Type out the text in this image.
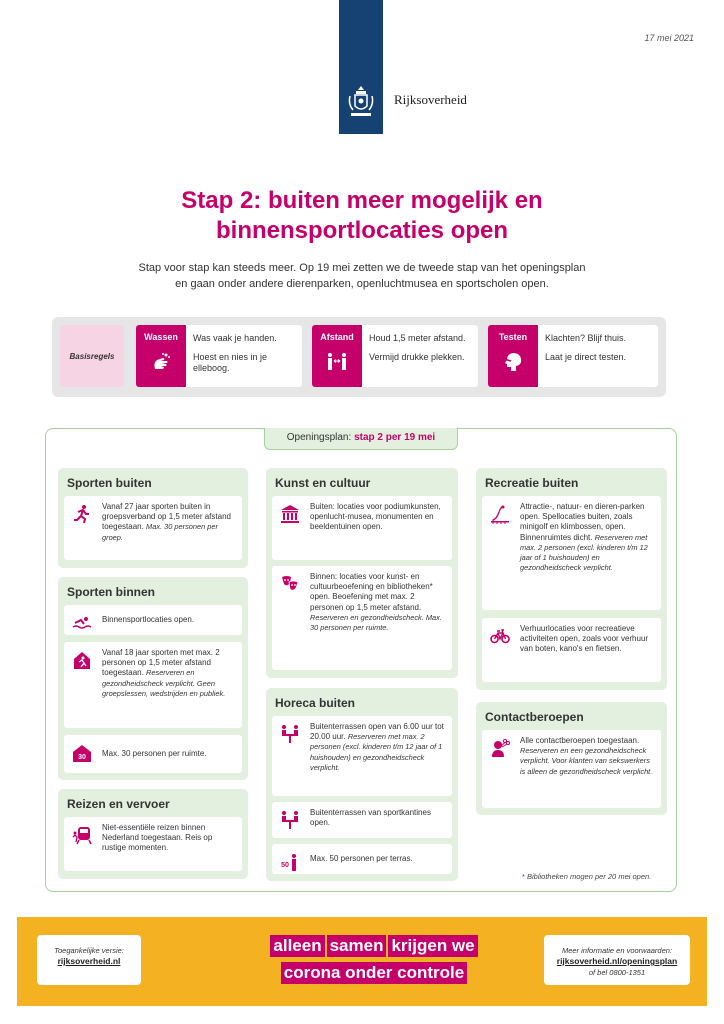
17 mei 2021
Rijksoverheid
Stap 2: buiten meer mogelijk en
binnensportlocaties open
Stap voor stap kan steeds meer. Op 19 mei zetten we de tweede stap van het openingsplan
en gaan onder andere dierenparken, openluchtmusea en sportscholen open.
Basisregels
Wassen	Was vaak je handen.
Hoest en nies in je elleboog.
Afstand	Houd 1,5 meter afstand.
Vermijd drukke plekken.
Testen	Klachten? Blijf thuis.
Laat je direct testen.
Openingsplan: stap 2 per 19 mei
Sporten buiten
Vanaf 27 jaar sporten buiten in groepsverband op 1,5 meter afstand toegestaan. Max. 30 personen per groep.
Sporten binnen
Binnensportlocaties open.
Vanaf 18 jaar sporten met max. 2 personen op 1,5 meter afstand toegestaan. Reserveren en gezondheidscheck verplicht. Geen groepslessen, wedstrijden en publiek.
30 Max. 30 personen per ruimte.
Reizen en vervoer
Niet-essentiële reizen binnen Nederland toegestaan. Reis op rustige momenten.
Kunst en cultuur
Buiten: locaties voor podiumkunsten, openlucht-musea, monumenten en beeldentuinen open.
Binnen: locaties voor kunst- en cultuurbeoefening en bibliotheken* open. Beoefening met max. 2 personen op 1,5 meter afstand. Reserveren en gezondheidscheck. Max. 30 personen per ruimte.
Horeca buiten
Buitenterrassen open van 6.00 uur tot 20.00 uur. Reserveren met max. 2 personen (excl. kinderen t/m 12 jaar of 1 huishouden) en gezondheidscheck verplicht.
Buitenterrassen van sportkantines open.
50
Max. 50 personen per terras.
Recreatie buiten
Attractie-, natuur- en dieren-parken open. Spellocaties buiten, zoals minigolf en klimbossen, open. Binnenruimtes dicht. Reserveren met max. 2 personen (excl. kinderen t/m 12 jaar of 1 huishouden) en gezondheidscheck verplicht.
Verhuurlocaties voor recreatieve activiteiten open, zoals voor verhuur van boten, kano's en fietsen.
Contactberoepen
Alle contactberoepen toegestaan. Reserveren en een gezondheidscheck verplicht. Voor klanten van sekswerkers is alleen de gezondheidscheck verplicht.
* Bibliotheken mogen per 20 mei open.
Toegankelijke versie:
rijksoverheid.nl
alleen samen krijgen we
corona onder controle
Meer informatie en voorwaarden:
rijksoverheid.nl/openingsplan
of bel 0800-1351
